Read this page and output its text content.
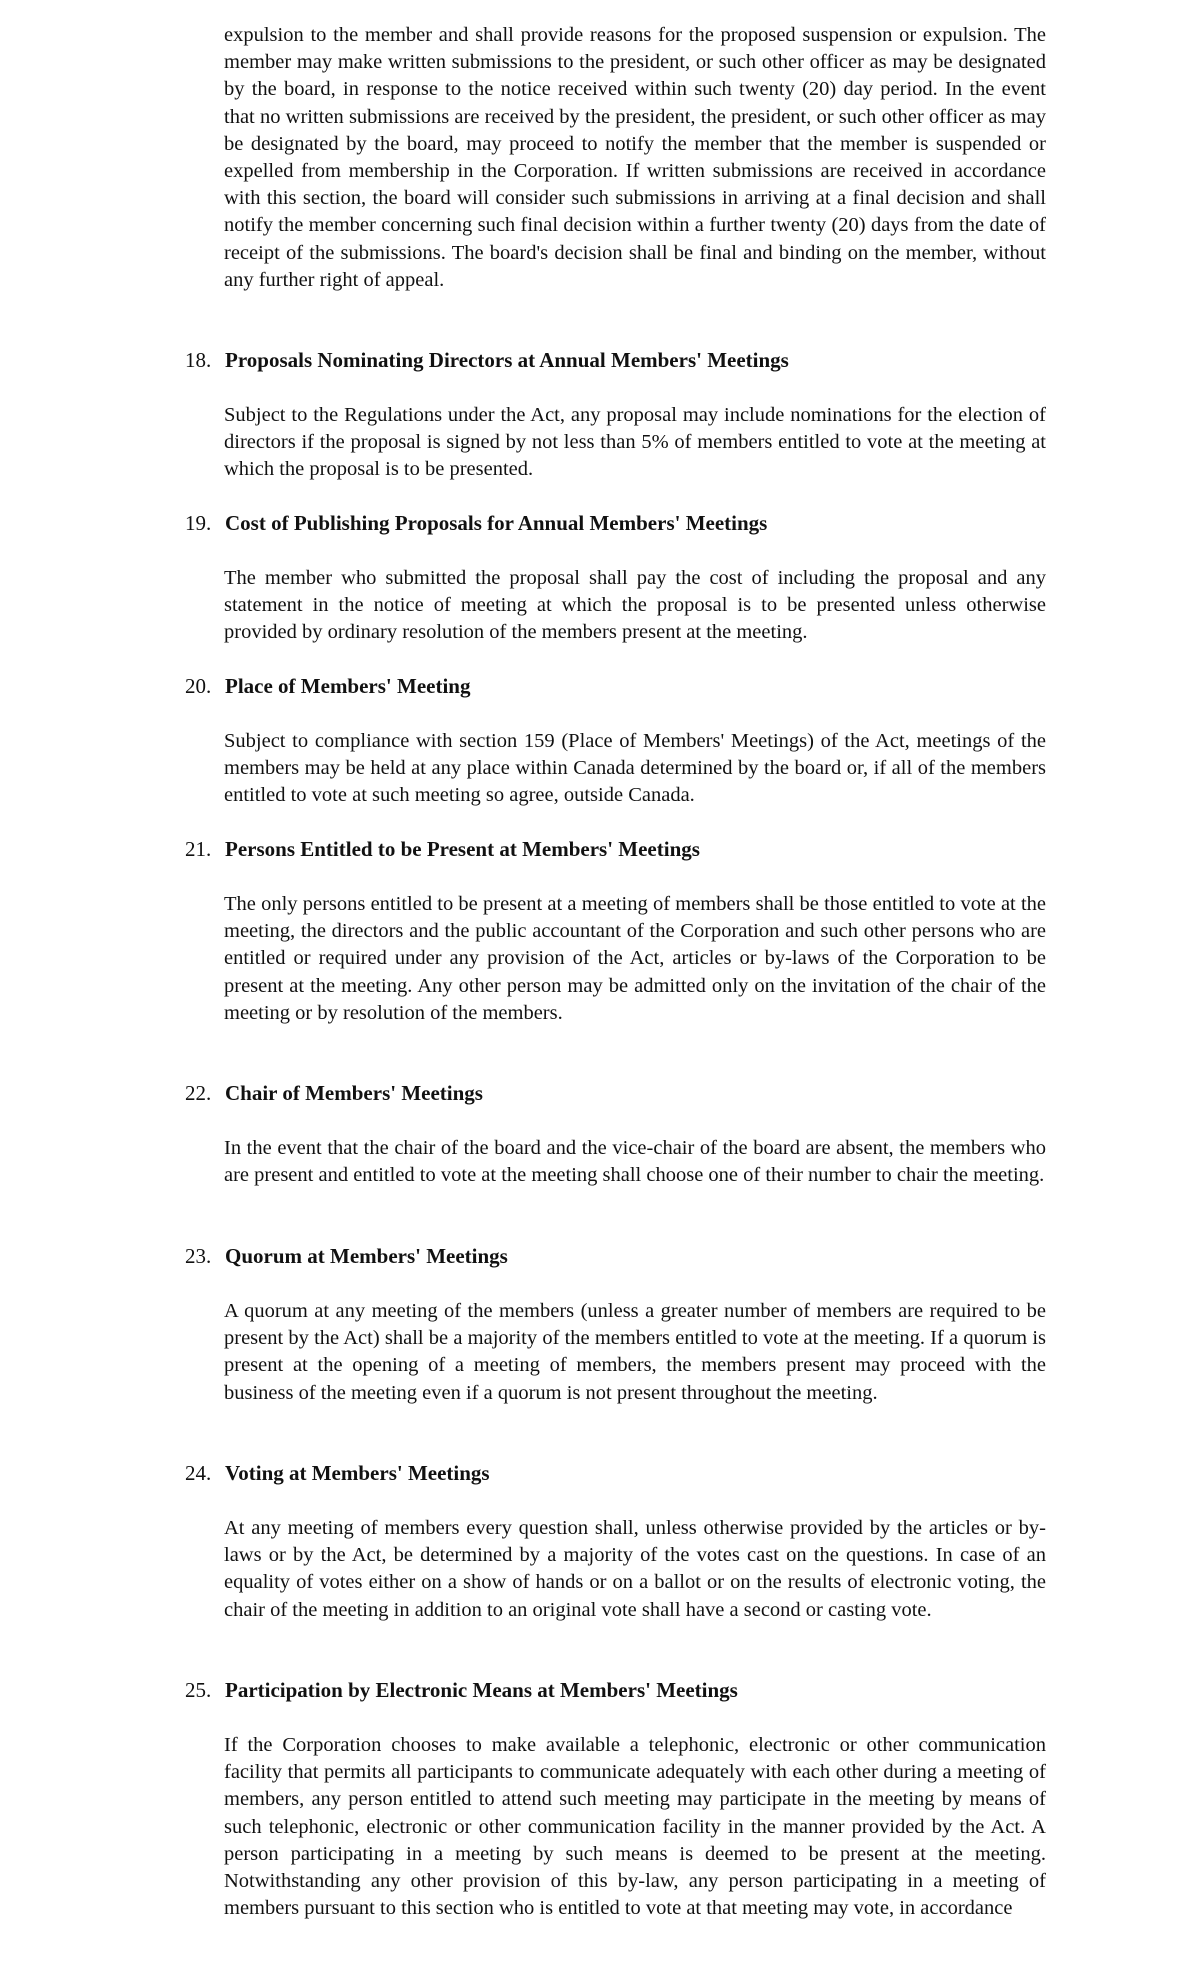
expulsion to the member and shall provide reasons for the proposed suspension or expulsion. The member may make written submissions to the president, or such other officer as may be designated by the board, in response to the notice received within such twenty (20) day period. In the event that no written submissions are received by the president, the president, or such other officer as may be designated by the board, may proceed to notify the member that the member is suspended or expelled from membership in the Corporation. If written submissions are received in accordance with this section, the board will consider such submissions in arriving at a final decision and shall notify the member concerning such final decision within a further twenty (20) days from the date of receipt of the submissions. The board's decision shall be final and binding on the member, without any further right of appeal.

18. Proposals Nominating Directors at Annual Members' Meetings

Subject to the Regulations under the Act, any proposal may include nominations for the election of directors if the proposal is signed by not less than 5% of members entitled to vote at the meeting at which the proposal is to be presented.

19. Cost of Publishing Proposals for Annual Members' Meetings

The member who submitted the proposal shall pay the cost of including the proposal and any statement in the notice of meeting at which the proposal is to be presented unless otherwise provided by ordinary resolution of the members present at the meeting.

20. Place of Members' Meeting

Subject to compliance with section 159 (Place of Members' Meetings) of the Act, meetings of the members may be held at any place within Canada determined by the board or, if all of the members entitled to vote at such meeting so agree, outside Canada.

21. Persons Entitled to be Present at Members' Meetings

The only persons entitled to be present at a meeting of members shall be those entitled to vote at the meeting, the directors and the public accountant of the Corporation and such other persons who are entitled or required under any provision of the Act, articles or by-laws of the Corporation to be present at the meeting. Any other person may be admitted only on the invitation of the chair of the meeting or by resolution of the members.

22. Chair of Members' Meetings

In the event that the chair of the board and the vice-chair of the board are absent, the members who are present and entitled to vote at the meeting shall choose one of their number to chair the meeting.

23. Quorum at Members' Meetings

A quorum at any meeting of the members (unless a greater number of members are required to be present by the Act) shall be a majority of the members entitled to vote at the meeting. If a quorum is present at the opening of a meeting of members, the members present may proceed with the business of the meeting even if a quorum is not present throughout the meeting.

24. Voting at Members' Meetings

At any meeting of members every question shall, unless otherwise provided by the articles or by-laws or by the Act, be determined by a majority of the votes cast on the questions. In case of an equality of votes either on a show of hands or on a ballot or on the results of electronic voting, the chair of the meeting in addition to an original vote shall have a second or casting vote.

25. Participation by Electronic Means at Members' Meetings

If the Corporation chooses to make available a telephonic, electronic or other communication facility that permits all participants to communicate adequately with each other during a meeting of members, any person entitled to attend such meeting may participate in the meeting by means of such telephonic, electronic or other communication facility in the manner provided by the Act. A person participating in a meeting by such means is deemed to be present at the meeting. Notwithstanding any other provision of this by-law, any person participating in a meeting of members pursuant to this section who is entitled to vote at that meeting may vote, in accordance
